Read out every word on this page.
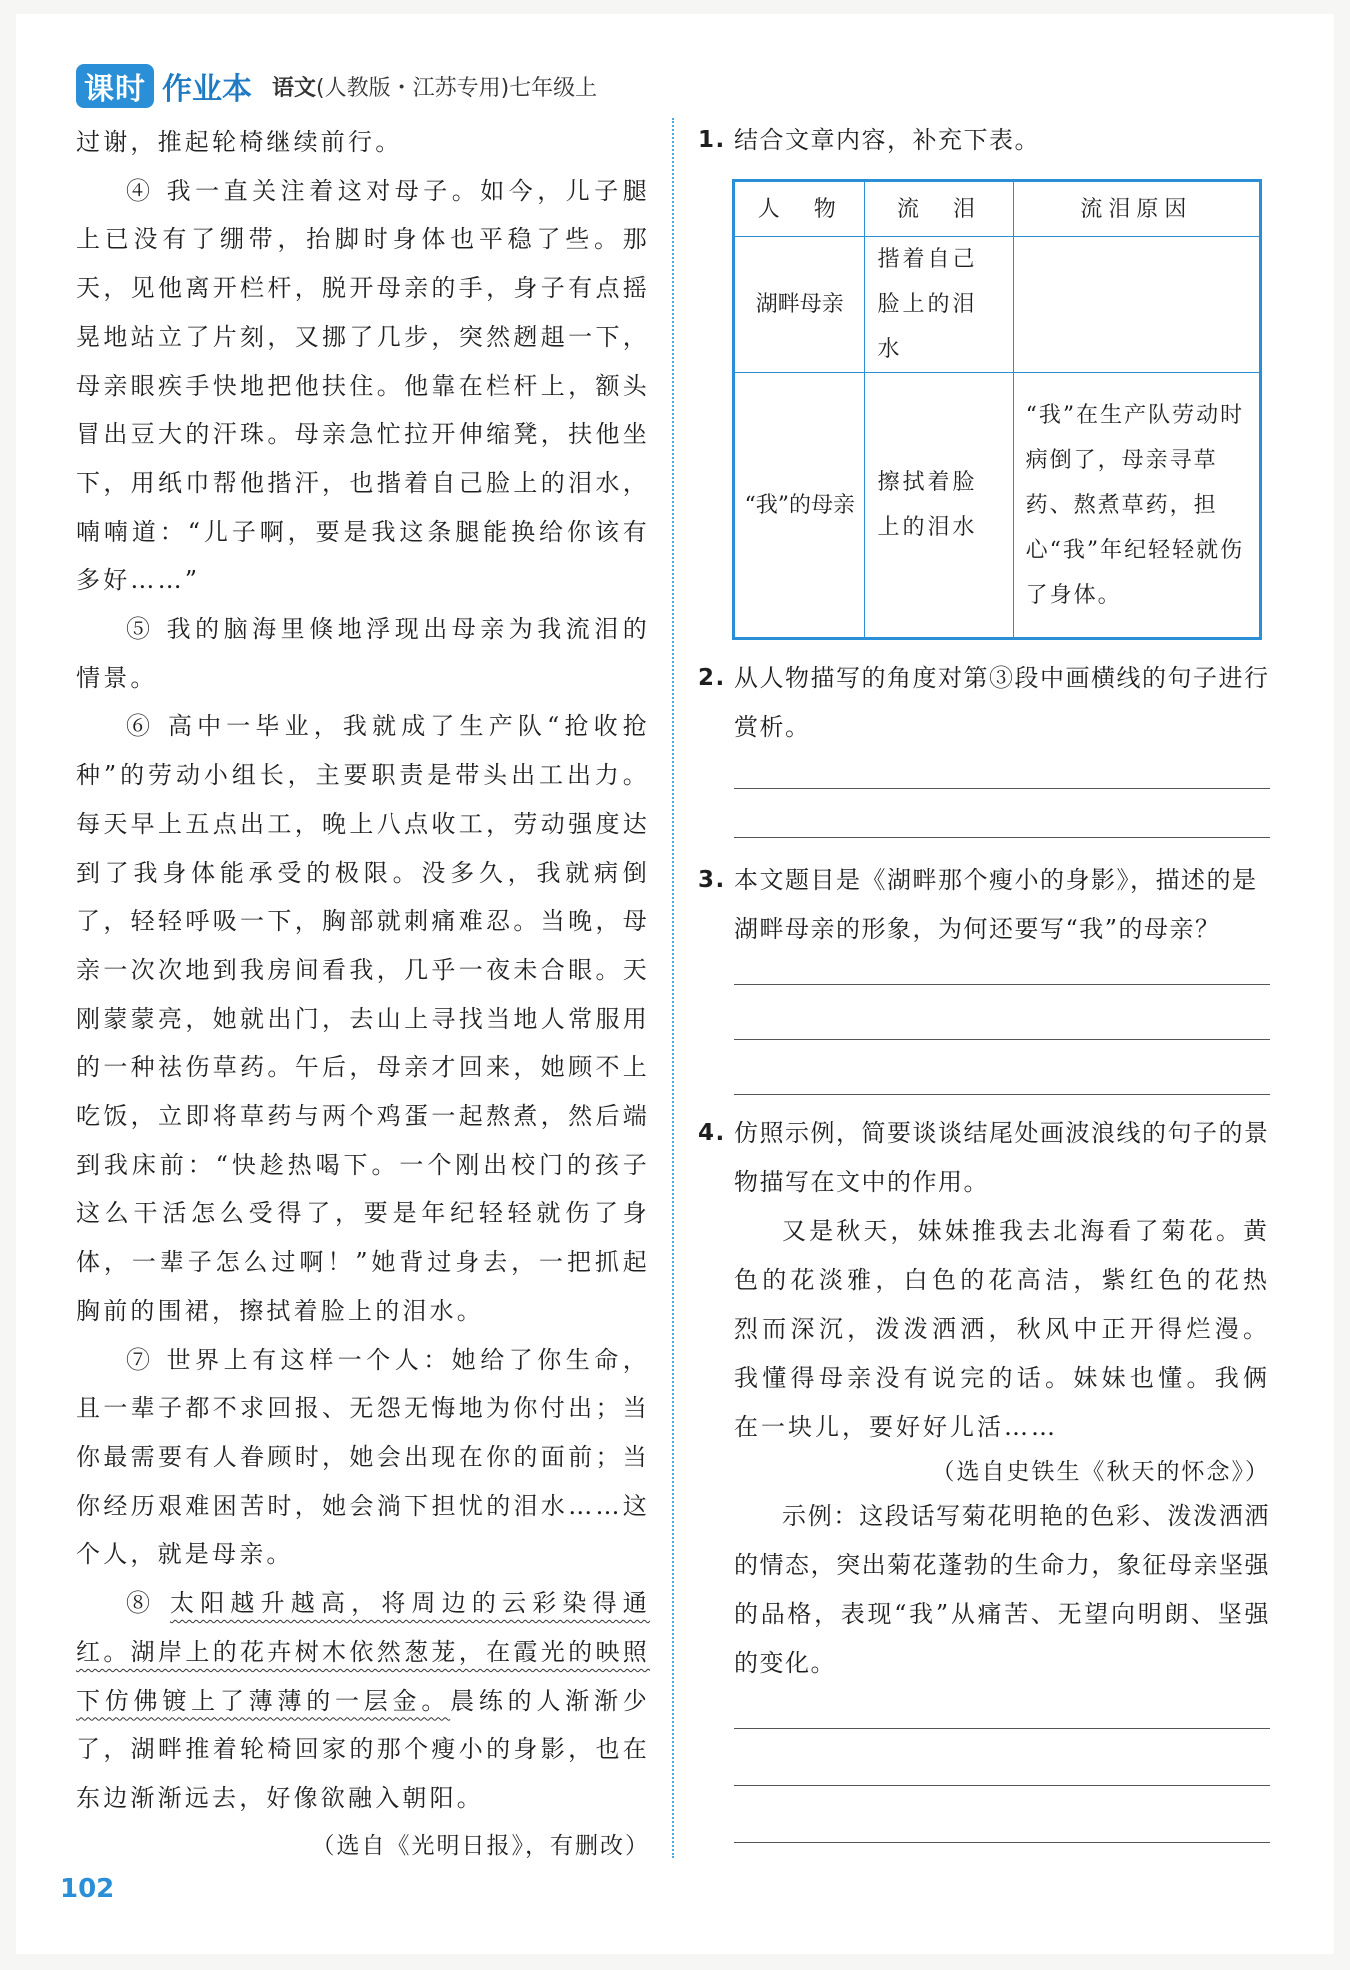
课时 作业本 语文(人教版・江苏专用)七年级上

过谢，推起轮椅继续前行。

④ 我一直关注着这对母子。如今，儿子腿上已没有了绷带，抬脚时身体也平稳了些。那天，见他离开栏杆，脱开母亲的手，身子有点摇晃地站立了片刻，又挪了几步，突然趔趄一下，母亲眼疾手快地把他扶住。他靠在栏杆上，额头冒出豆大的汗珠。母亲急忙拉开伸缩凳，扶他坐下，用纸巾帮他揩汗，也揩着自己脸上的泪水，喃喃道：“儿子啊，要是我这条腿能换给你该有多好……”

⑤ 我的脑海里倏地浮现出母亲为我流泪的情景。

⑥ 高中一毕业，我就成了生产队“抢收抢种”的劳动小组长，主要职责是带头出工出力。每天早上五点出工，晚上八点收工，劳动强度达到了我身体能承受的极限。没多久，我就病倒了，轻轻呼吸一下，胸部就刺痛难忍。当晚，母亲一次次地到我房间看我，几乎一夜未合眼。天刚蒙蒙亮，她就出门，去山上寻找当地人常服用的一种祛伤草药。午后，母亲才回来，她顾不上吃饭，立即将草药与两个鸡蛋一起熬煮，然后端到我床前：“快趁热喝下。一个刚出校门的孩子这么干活怎么受得了，要是年纪轻轻就伤了身体，一辈子怎么过啊！”她背过身去，一把抓起胸前的围裙，擦拭着脸上的泪水。

⑦ 世界上有这样一个人：她给了你生命，且一辈子都不求回报、无怨无悔地为你付出；当你最需要有人眷顾时，她会出现在你的面前；当你经历艰难困苦时，她会淌下担忧的泪水……这个人，就是母亲。

⑧ 太阳越升越高，将周边的云彩染得通红。湖岸上的花卉树木依然葱茏，在霞光的映照下仿佛镀上了薄薄的一层金。晨练的人渐渐少了，湖畔推着轮椅回家的那个瘦小的身影，也在东边渐渐远去，好像欲融入朝阳。

（选自《光明日报》，有删改）
1. 结合文章内容，补充下表。
人　物	流　泪	流泪原因
湖畔母亲	揩着自己脸上的泪水	
“我”的母亲	擦拭着脸上的泪水	“我”在生产队劳动时病倒了，母亲寻草药、熬煮草药，担心“我”年纪轻轻就伤了身体。
2. 从人物描写的角度对第③段中画横线的句子进行赏析。
3. 本文题目是《湖畔那个瘦小的身影》，描述的是湖畔母亲的形象，为何还要写“我”的母亲？
4. 仿照示例，简要谈谈结尾处画波浪线的句子的景物描写在文中的作用。
又是秋天，妹妹推我去北海看了菊花。黄色的花淡雅，白色的花高洁，紫红色的花热烈而深沉，泼泼洒洒，秋风中正开得烂漫。我懂得母亲没有说完的话。妹妹也懂。我俩在一块儿，要好好儿活……
（选自史铁生《秋天的怀念》）
示例：这段话写菊花明艳的色彩、泼泼洒洒的情态，突出菊花蓬勃的生命力，象征母亲坚强的品格，表现“我”从痛苦、无望向明朗、坚强的变化。
102
